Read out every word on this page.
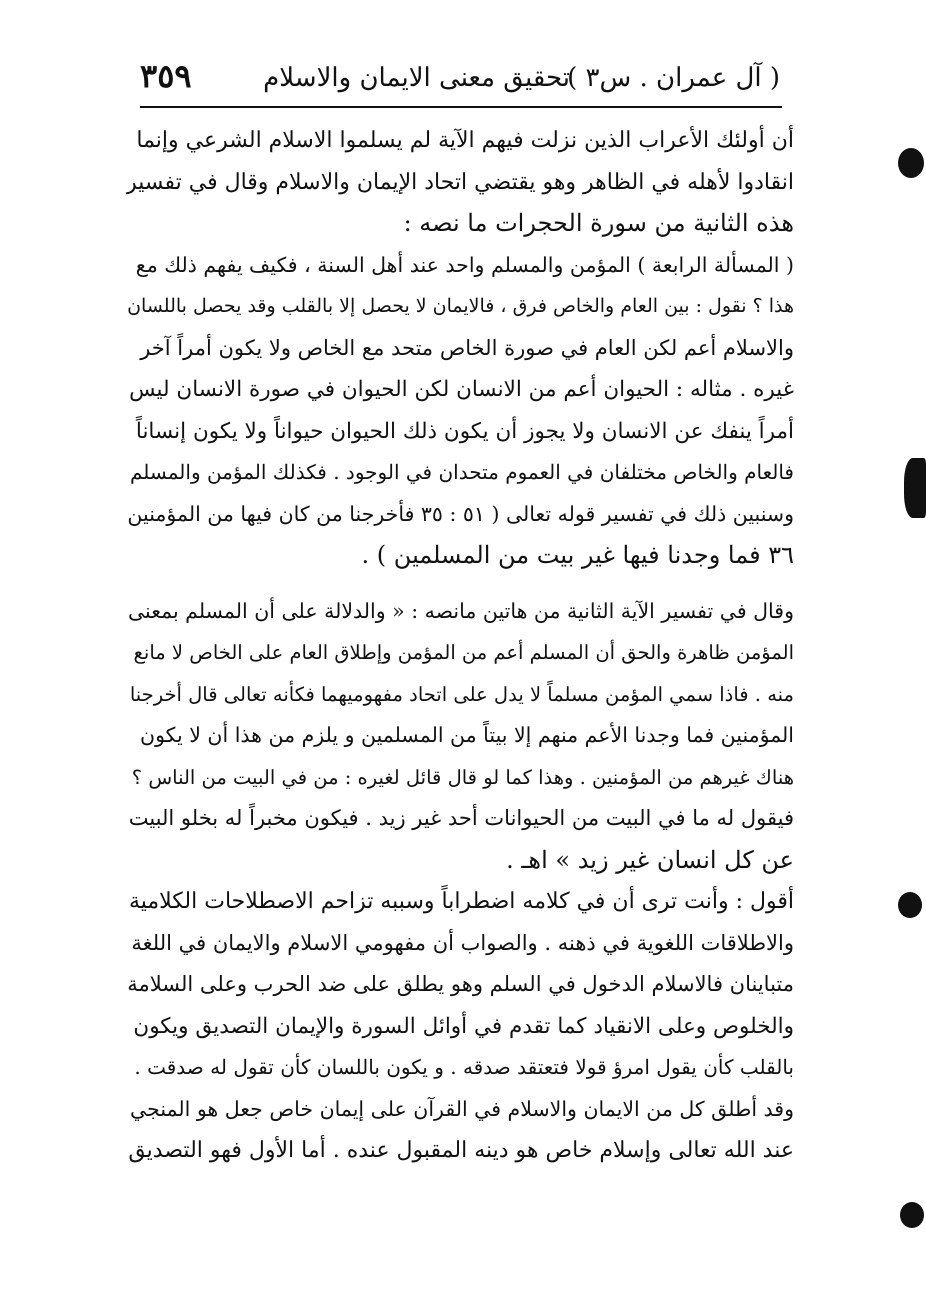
( آل عمران . س٣ )
تحقيق معنى الايمان والاسلام
٣٥٩
أن أولئك الأعراب الذين نزلت فيهم الآية لم يسلموا الاسلام الشرعي وإنما
انقادوا لأهله في الظاهر وهو يقتضي اتحاد الإيمان والاسلام وقال في تفسير
هذه الثانية من سورة الحجرات ما نصه :
( المسألة الرابعة ) المؤمن والمسلم واحد عند أهل السنة ، فكيف يفهم ذلك مع
هذا ؟ نقول : بين العام والخاص فرق ، فالايمان لا يحصل إلا بالقلب وقد يحصل باللسان
والاسلام أعم لكن العام في صورة الخاص متحد مع الخاص ولا يكون أمراً آخر
غيره . مثاله : الحيوان أعم من الانسان لكن الحيوان في صورة الانسان ليس
أمراً ينفك عن الانسان ولا يجوز أن يكون ذلك الحيوان حيواناً ولا يكون إنساناً
فالعام والخاص مختلفان في العموم متحدان في الوجود . فكذلك المؤمن والمسلم
وسنبين ذلك في تفسير قوله تعالى ( ٥١ : ٣٥ فأخرجنا من كان فيها من المؤمنين
٣٦ فما وجدنا فيها غير بيت من المسلمين ) .
وقال في تفسير الآية الثانية من هاتين مانصه : « والدلالة على أن المسلم بمعنى
المؤمن ظاهرة والحق أن المسلم أعم من المؤمن وإطلاق العام على الخاص لا مانع
منه . فاذا سمي المؤمن مسلماً لا يدل على اتحاد مفهوميهما فكأنه تعالى قال أخرجنا
المؤمنين فما وجدنا الأعم منهم إلا بيتاً من المسلمين و يلزم من هذا أن لا يكون
هناك غيرهم من المؤمنين . وهذا كما لو قال قائل لغيره : من في البيت من الناس ؟
فيقول له ما في البيت من الحيوانات أحد غير زيد . فيكون مخبراً له بخلو البيت
عن كل انسان غير زيد » اهـ .
أقول : وأنت ترى أن في كلامه اضطراباً وسببه تزاحم الاصطلاحات الكلامية
والاطلاقات اللغوية في ذهنه . والصواب أن مفهومي الاسلام والايمان في اللغة
متباينان فالاسلام الدخول في السلم وهو يطلق على ضد الحرب وعلى السلامة
والخلوص وعلى الانقياد كما تقدم في أوائل السورة والإيمان التصديق ويكون
بالقلب كأن يقول امرؤ قولا فتعتقد صدقه . و يكون باللسان كأن تقول له صدقت .
وقد أطلق كل من الايمان والاسلام في القرآن على إيمان خاص جعل هو المنجي
عند الله تعالى وإسلام خاص هو دينه المقبول عنده . أما الأول فهو التصديق
